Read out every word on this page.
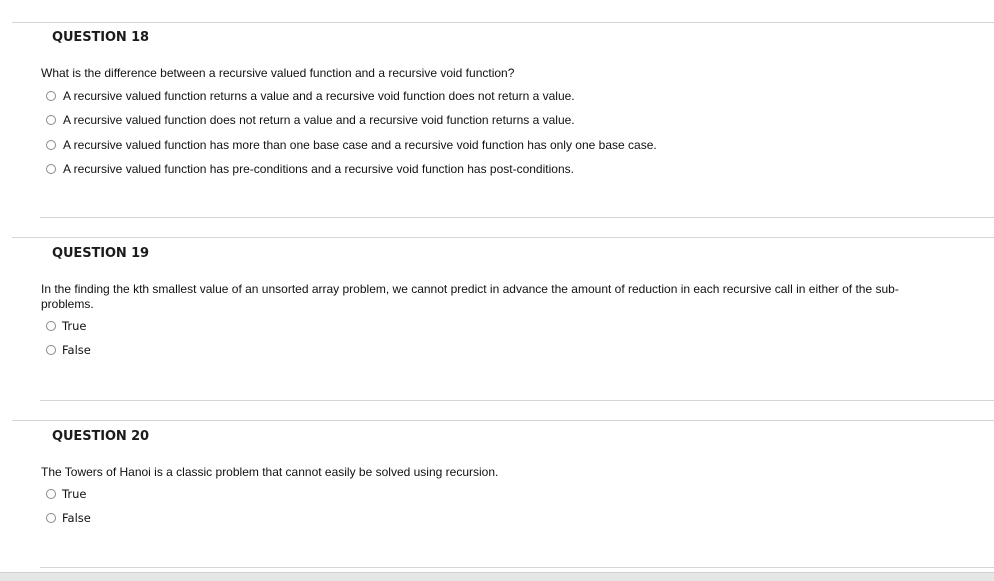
QUESTION 18
What is the difference between a recursive valued function and a recursive void function?
A recursive valued function returns a value and a recursive void function does not return a value.
A recursive valued function does not return a value and a recursive void function returns a value.
A recursive valued function has more than one base case and a recursive void function has only one base case.
A recursive valued function has pre-conditions and a recursive void function has post-conditions.
QUESTION 19
In the finding the kth smallest value of an unsorted array problem, we cannot predict in advance the amount of reduction in each recursive call in either of the sub-problems.
True
False
QUESTION 20
The Towers of Hanoi is a classic problem that cannot easily be solved using recursion.
True
False
